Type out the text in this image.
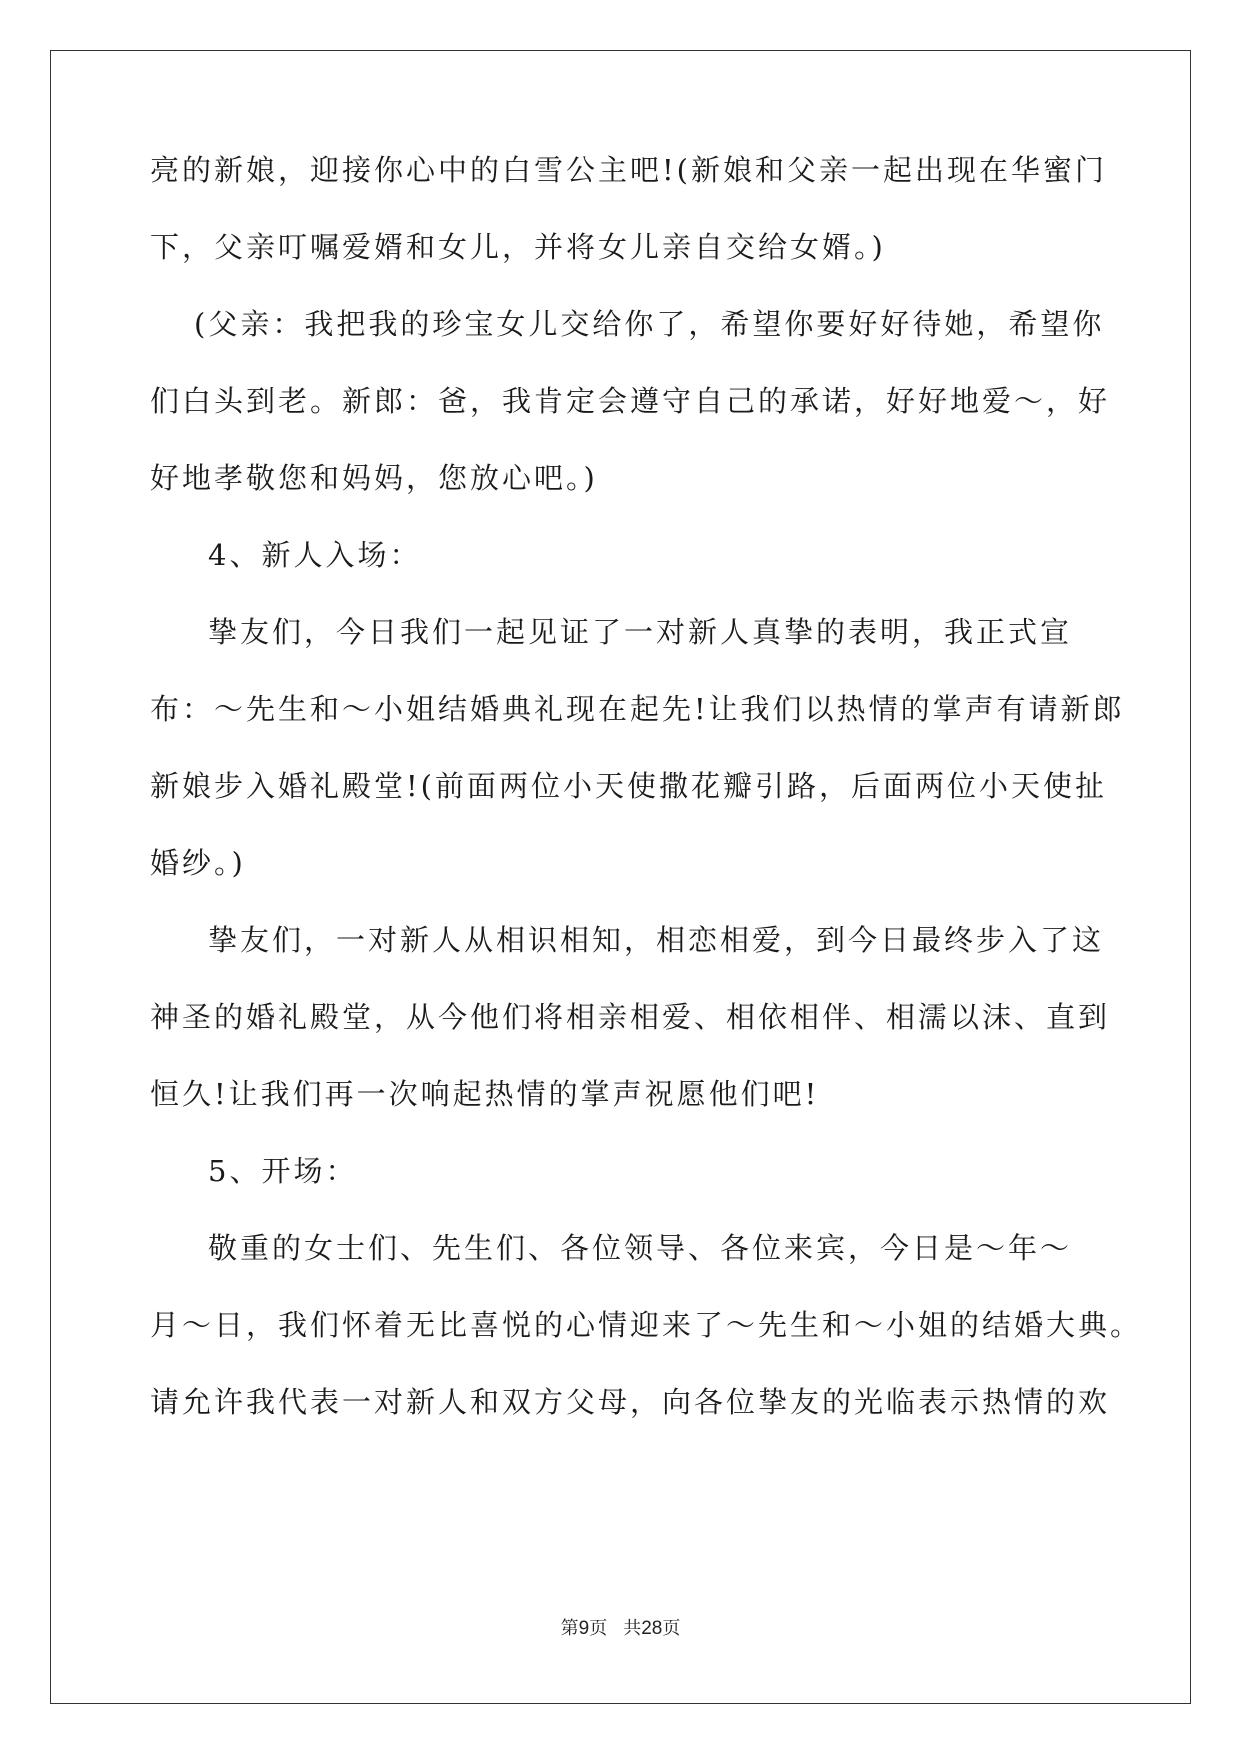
亮的新娘，迎接你心中的白雪公主吧!(新娘和父亲一起出现在华蜜门
下，父亲叮嘱爱婿和女儿，并将女儿亲自交给女婿。)
(父亲：我把我的珍宝女儿交给你了，希望你要好好待她，希望你
们白头到老。新郎：爸，我肯定会遵守自己的承诺，好好地爱～，好
好地孝敬您和妈妈，您放心吧。)
4、新人入场：
挚友们，今日我们一起见证了一对新人真挚的表明，我正式宣
布：～先生和～小姐结婚典礼现在起先!让我们以热情的掌声有请新郎
新娘步入婚礼殿堂!(前面两位小天使撒花瓣引路，后面两位小天使扯
婚纱。)
挚友们，一对新人从相识相知，相恋相爱，到今日最终步入了这
神圣的婚礼殿堂，从今他们将相亲相爱、相依相伴、相濡以沫、直到
恒久!让我们再一次响起热情的掌声祝愿他们吧!
5、开场：
敬重的女士们、先生们、各位领导、各位来宾，今日是～年～
月～日，我们怀着无比喜悦的心情迎来了～先生和～小姐的结婚大典。
请允许我代表一对新人和双方父母，向各位挚友的光临表示热情的欢
第9页 共28页
